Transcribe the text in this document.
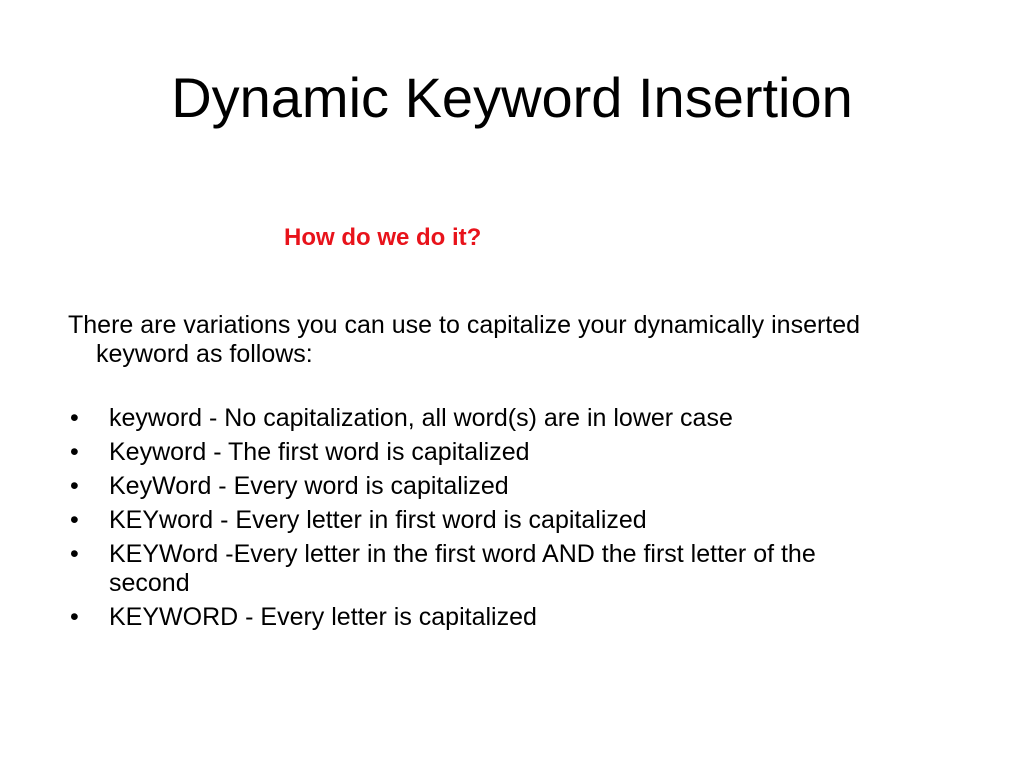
Dynamic Keyword Insertion
How do we do it?
There are variations you can use to capitalize your dynamically inserted keyword as follows:
• keyword - No capitalization, all word(s) are in lower case
• Keyword - The first word is capitalized
• KeyWord - Every word is capitalized
• KEYword - Every letter in first word is capitalized
• KEYWord -Every letter in the first word AND the first letter of the second
• KEYWORD - Every letter is capitalized
